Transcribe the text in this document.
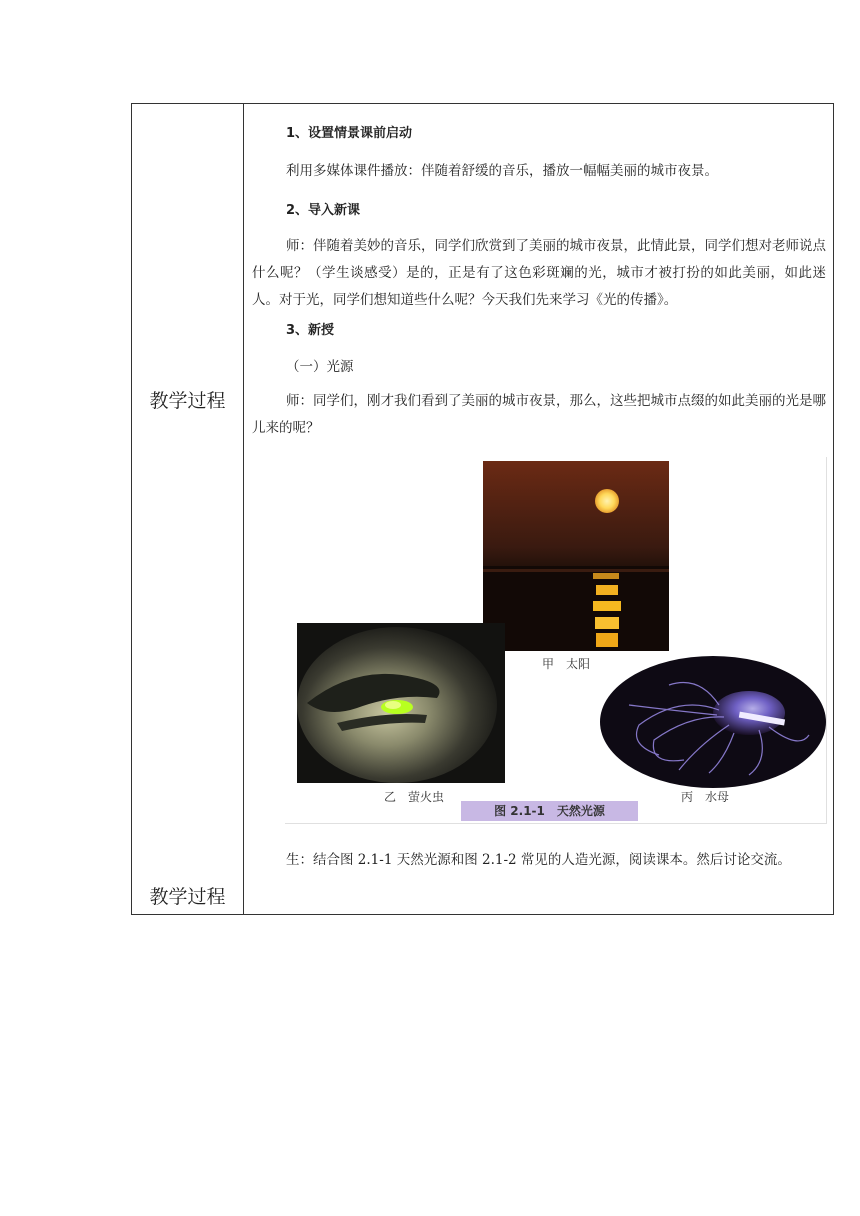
教学过程
教学过程
1、设置情景课前启动
利用多媒体课件播放：伴随着舒缓的音乐，播放一幅幅美丽的城市夜景。
2、导入新课
师：伴随着美妙的音乐，同学们欣赏到了美丽的城市夜景，此情此景，同学们想对老师说点什么呢？（学生谈感受）是的，正是有了这色彩斑斓的光，城市才被打扮的如此美丽，如此迷人。对于光，同学们想知道些什么呢？今天我们先来学习《光的传播》。
3、新授
（一）光源
师：同学们，刚才我们看到了美丽的城市夜景，那么，这些把城市点缀的如此美丽的光是哪儿来的呢？
生：结合图 2.1-1 天然光源和图 2.1-2 常见的人造光源，阅读课本。然后讨论交流。
甲　太阳
乙　萤火虫	丙　水母
图 2.1-1　天然光源
